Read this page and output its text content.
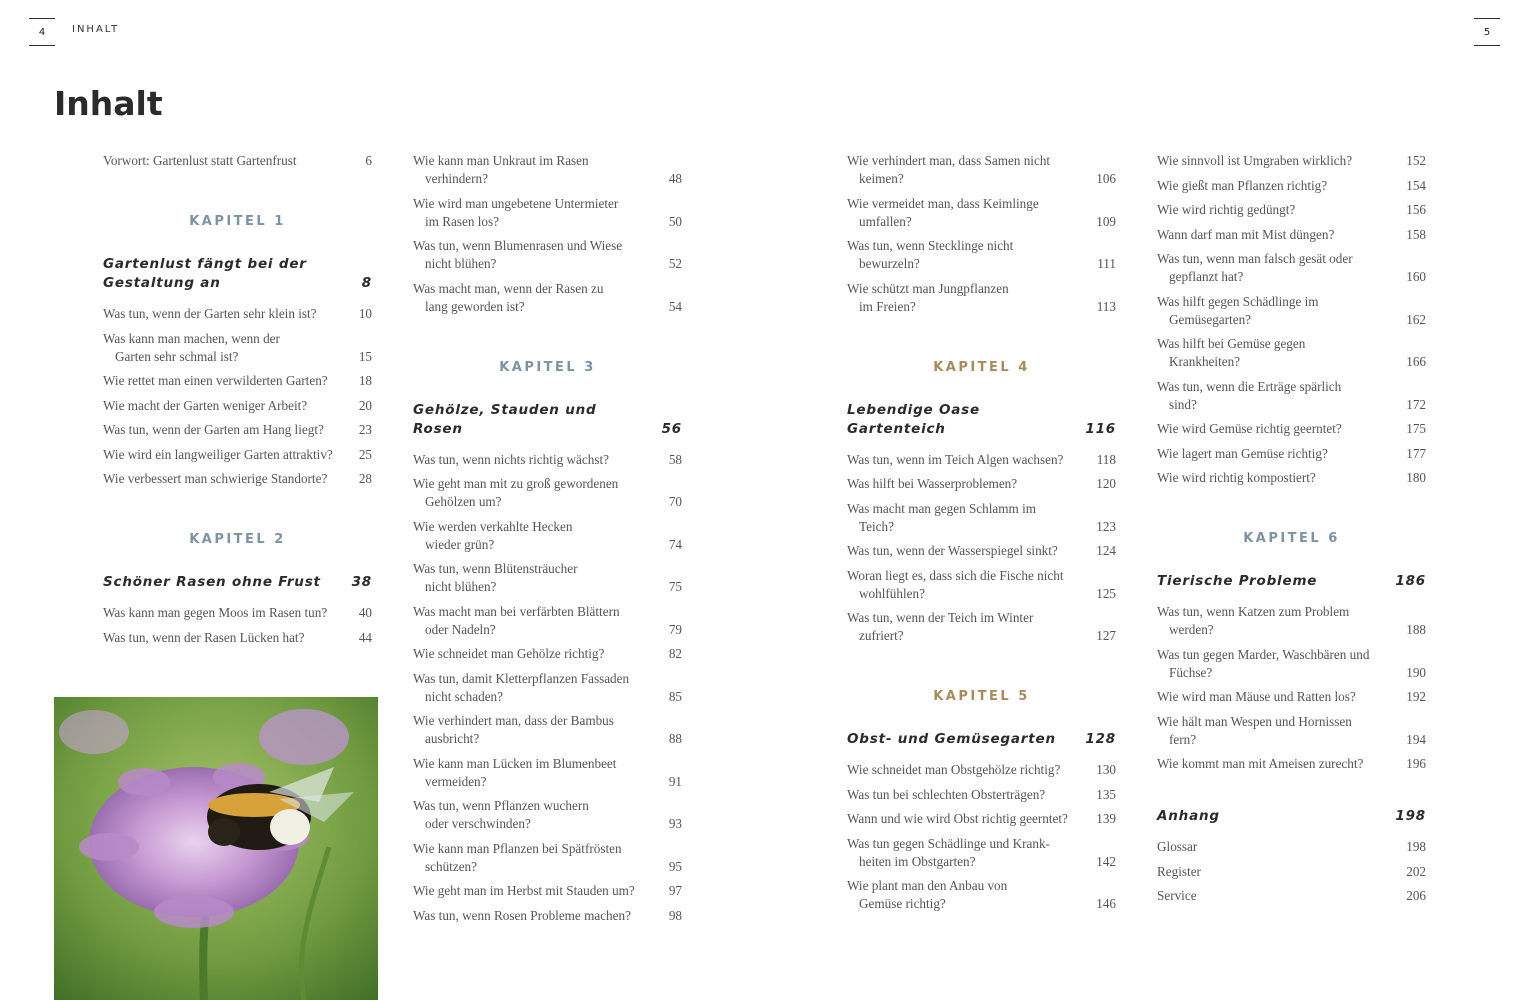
4	INHALT	5
Inhalt
Vorwort: Gartenlust statt Gartenfrust	6
KAPITEL 1
Gartenlust fängt bei der
Gestaltung an	8
Was tun, wenn der Garten sehr klein ist?	10
Was kann man machen, wenn der
Garten sehr schmal ist?	15
Wie rettet man einen verwilderten Garten?	18
Wie macht der Garten weniger Arbeit?	20
Was tun, wenn der Garten am Hang liegt?	23
Wie wird ein langweiliger Garten attraktiv? 25
Wie verbessert man schwierige Standorte?	28
KAPITEL 2
Schöner Rasen ohne Frust	38
Was kann man gegen Moos im Rasen tun?	40
Was tun, wenn der Rasen Lücken hat?	44
Wie kann man Unkraut im Rasen
verhindern?	48
Wie wird man ungebetene Untermieter
im Rasen los?	50
Was tun, wenn Blumenrasen und Wiese
nicht blühen?	52
Was macht man, wenn der Rasen zu
lang geworden ist?	54
KAPITEL 3
Gehölze, Stauden und Rosen	56
Was tun, wenn nichts richtig wächst?	58
Wie geht man mit zu groß gewordenen
Gehölzen um?	70
Wie werden verkahlte Hecken
wieder grün?	74
Was tun, wenn Blütensträucher
nicht blühen?	75
Was macht man bei verfärbten Blättern
oder Nadeln?	79
Wie schneidet man Gehölze richtig?	82
Was tun, damit Kletterpflanzen Fassaden
nicht schaden?	85
Wie verhindert man, dass der Bambus
ausbricht?	88
Wie kann man Lücken im Blumenbeet
vermeiden?	91
Was tun, wenn Pflanzen wuchern
oder verschwinden?	93
Wie kann man Pflanzen bei Spätfrösten
schützen?	95
Wie geht man im Herbst mit Stauden um?	97
Was tun, wenn Rosen Probleme machen?	98
Wie verhindert man, dass Samen nicht
keimen?	106
Wie vermeidet man, dass Keimlinge
umfallen?	109
Was tun, wenn Stecklinge nicht
bewurzeln?	111
Wie schützt man Jungpflanzen
im Freien?	113
KAPITEL 4
Lebendige Oase Gartenteich	116
Was tun, wenn im Teich Algen wachsen?	118
Was hilft bei Wasserproblemen?	120
Was macht man gegen Schlamm im
Teich?	123
Was tun, wenn der Wasserspiegel sinkt?	124
Woran liegt es, dass sich die Fische nicht
wohlfühlen?	125
Was tun, wenn der Teich im Winter
zufriert?	127
KAPITEL 5
Obst- und Gemüsegarten	128
Wie schneidet man Obstgehölze richtig?	130
Was tun bei schlechten Obsterträgen?	135
Wann und wie wird Obst richtig geerntet?	139
Was tun gegen Schädlinge und Krank-
heiten im Obstgarten?	142
Wie plant man den Anbau von
Gemüse richtig?	146
Wie sinnvoll ist Umgraben wirklich?	152
Wie gießt man Pflanzen richtig?	154
Wie wird richtig gedüngt?	156
Wann darf man mit Mist düngen?	158
Was tun, wenn man falsch gesät oder
gepflanzt hat?	160
Was hilft gegen Schädlinge im
Gemüsegarten?	162
Was hilft bei Gemüse gegen
Krankheiten?	166
Was tun, wenn die Erträge spärlich
sind?	172
Wie wird Gemüse richtig geerntet?	175
Wie lagert man Gemüse richtig?	177
Wie wird richtig kompostiert?	180
KAPITEL 6
Tierische Probleme	186
Was tun, wenn Katzen zum Problem
werden?	188
Was tun gegen Marder, Waschbären und
Füchse?	190
Wie wird man Mäuse und Ratten los?	192
Wie hält man Wespen und Hornissen
fern?	194
Wie kommt man mit Ameisen zurecht?	196
Anhang	198
Glossar	198
Register	202
Service	206
